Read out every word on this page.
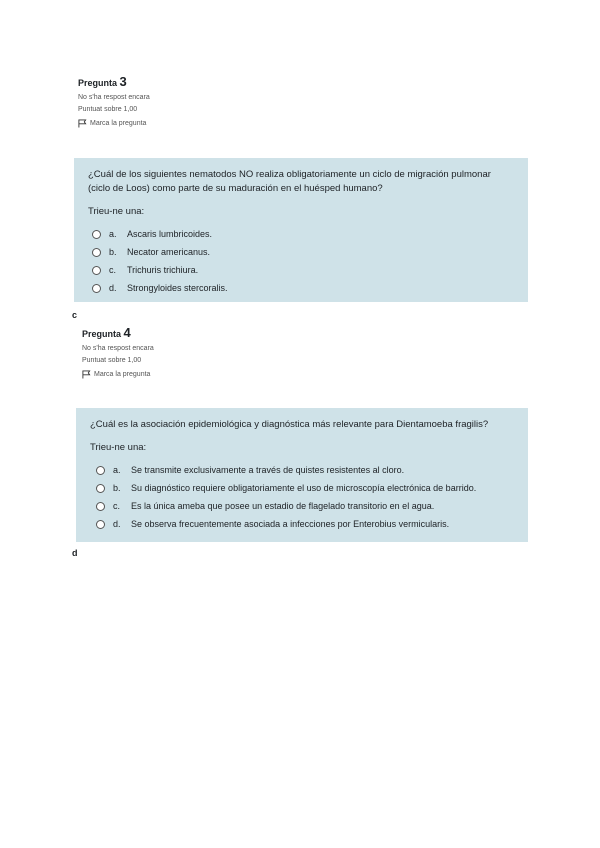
Pregunta 3
No s'ha respost encara
Puntuat sobre 1,00
Marca la pregunta
¿Cuál de los siguientes nematodos NO realiza obligatoriamente un ciclo de migración pulmonar (ciclo de Loos) como parte de su maduración en el huésped humano?
Trieu-ne una:
a.	Ascaris lumbricoides.
b.	Necator americanus.
c.	Trichuris trichiura.
d.	Strongyloides stercoralis.
c
Pregunta 4
No s'ha respost encara
Puntuat sobre 1,00
Marca la pregunta
¿Cuál es la asociación epidemiológica y diagnóstica más relevante para Dientamoeba fragilis?
Trieu-ne una:
a.	Se transmite exclusivamente a través de quistes resistentes al cloro.
b.	Su diagnóstico requiere obligatoriamente el uso de microscopía electrónica de barrido.
c.	Es la única ameba que posee un estadio de flagelado transitorio en el agua.
d.	Se observa frecuentemente asociada a infecciones por Enterobius vermicularis.
d
